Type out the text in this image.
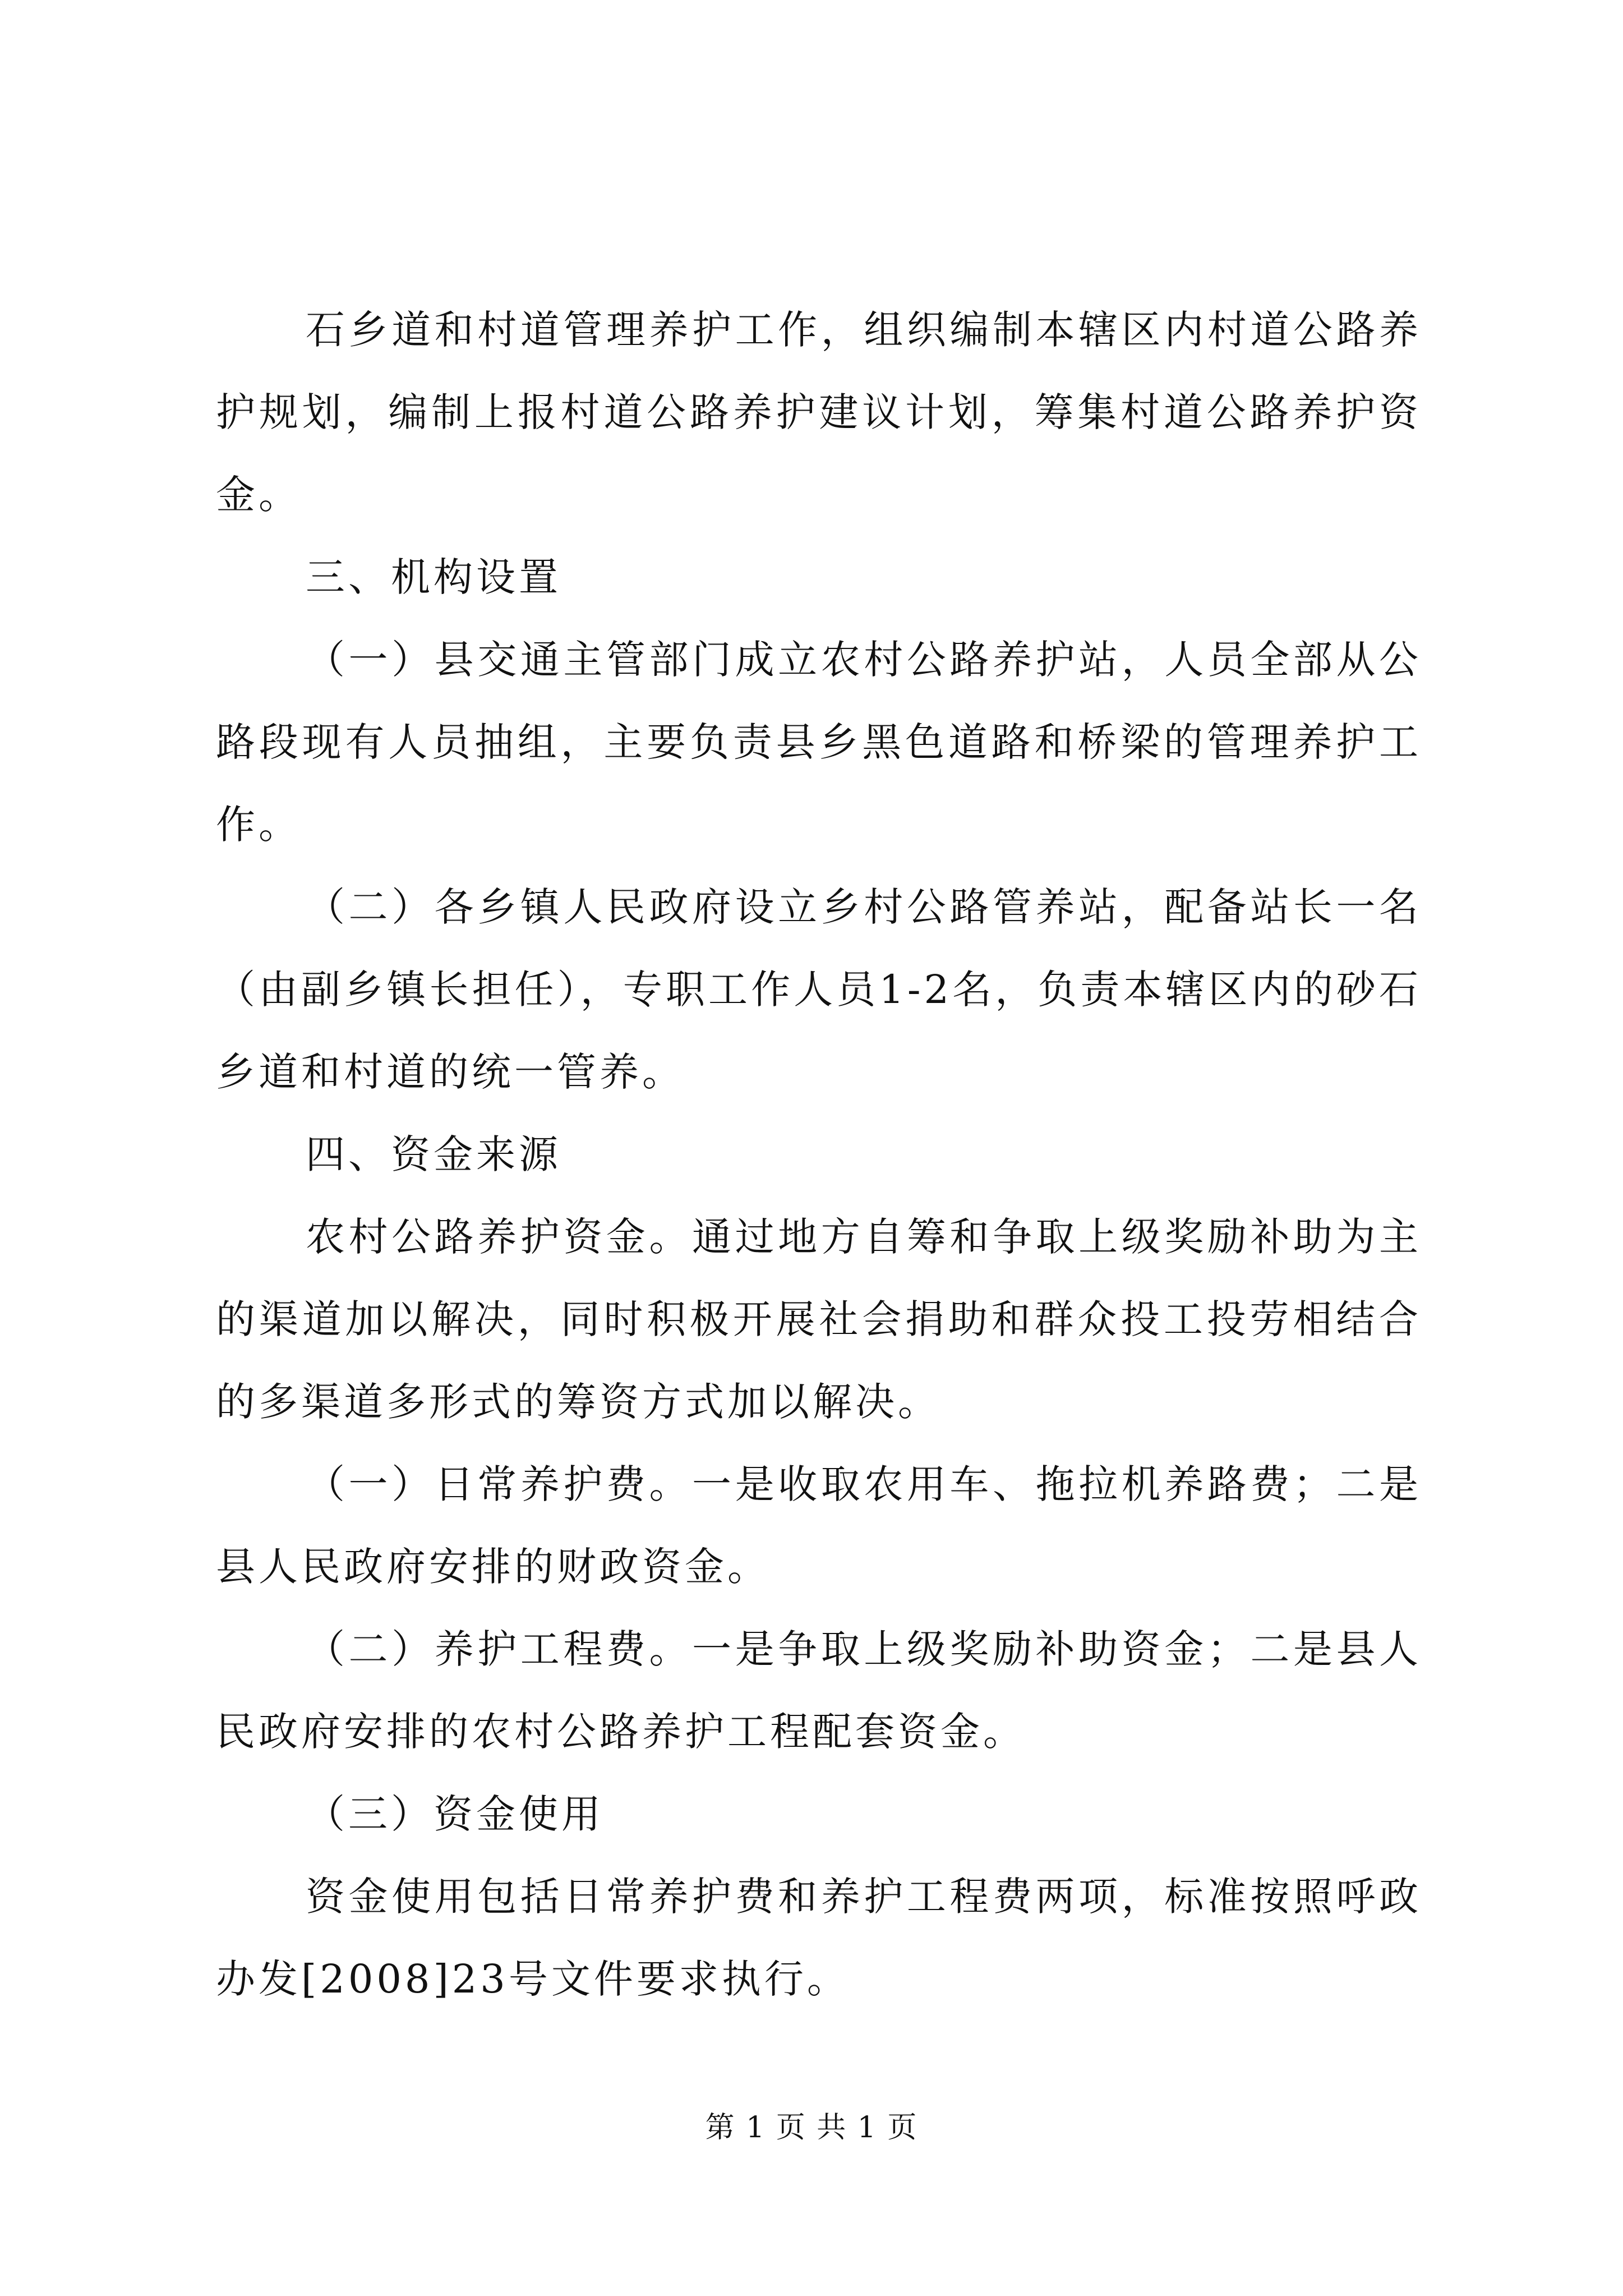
石乡道和村道管理养护工作，组织编制本辖区内村道公路养护规划，编制上报村道公路养护建议计划，筹集村道公路养护资金。

三、机构设置

（一）县交通主管部门成立农村公路养护站，人员全部从公路段现有人员抽组，主要负责县乡黑色道路和桥梁的管理养护工作。

（二）各乡镇人民政府设立乡村公路管养站，配备站长一名（由副乡镇长担任），专职工作人员1-2名，负责本辖区内的砂石乡道和村道的统一管养。

四、资金来源

农村公路养护资金。通过地方自筹和争取上级奖励补助为主的渠道加以解决，同时积极开展社会捐助和群众投工投劳相结合的多渠道多形式的筹资方式加以解决。

（一）日常养护费。一是收取农用车、拖拉机养路费；二是县人民政府安排的财政资金。

（二）养护工程费。一是争取上级奖励补助资金；二是县人民政府安排的农村公路养护工程配套资金。

（三）资金使用

资金使用包括日常养护费和养护工程费两项，标准按照呼政办发[2008]23号文件要求执行。

第 1 页 共 1 页
